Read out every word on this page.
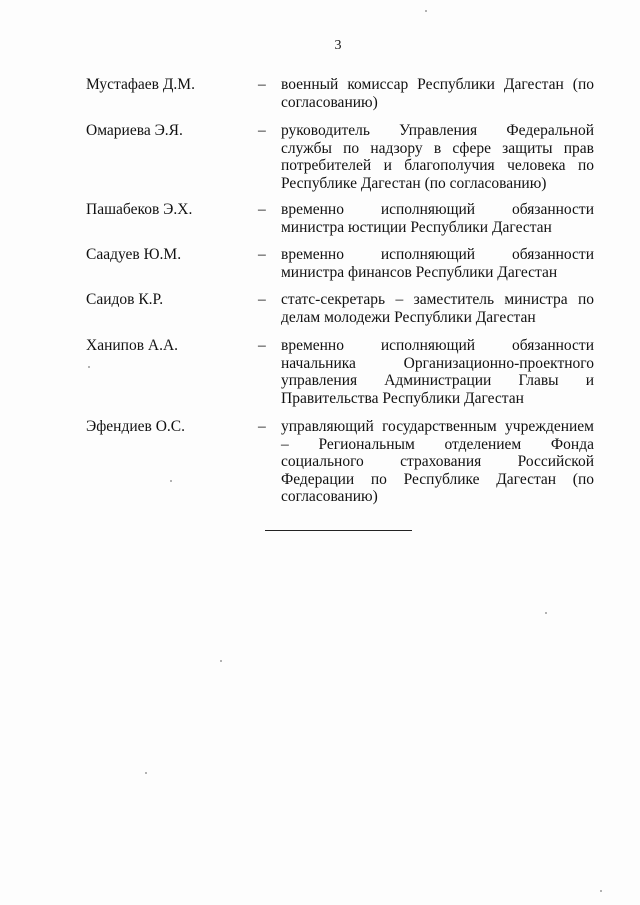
3
Мустафаев Д.М.	– военный комиссар Республики Дагестан (по согласованию)
Омариева Э.Я.	– руководитель Управления Федеральной службы по надзору в сфере защиты прав потребителей и благополучия человека по Республике Дагестан (по согласованию)
Пашабеков Э.Х.	– временно исполняющий обязанности министра юстиции Республики Дагестан
Саадуев Ю.М.	– временно исполняющий обязанности министра финансов Республики Дагестан
Саидов К.Р.	– статс-секретарь – заместитель министра по делам молодежи Республики Дагестан
Ханипов А.А.	– временно исполняющий обязанности начальника Организационно-проектного управления Администрации Главы и Правительства Республики Дагестан
Эфендиев О.С.	– управляющий государственным учреждением – Региональным отделением Фонда социального страхования Российской Федерации по Республике Дагестан (по согласованию)
